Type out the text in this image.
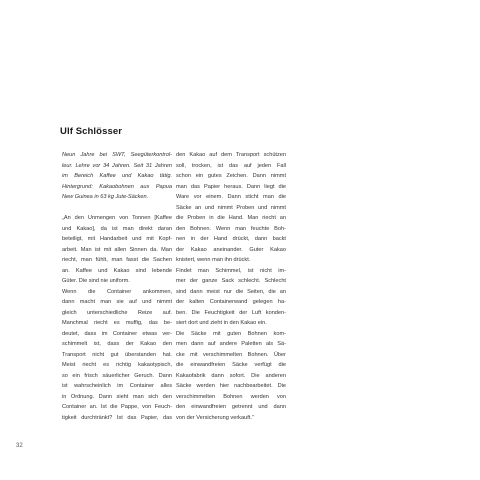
Ulf Schlösser
Neun Jahre bei SWT, Seegüterkontrol-
leur. Lehre vor 34 Jahren. Seit 31 Jahren
im Bereich Kaffee und Kakao tätig.
Hintergrund: Kakaobohnen aus Papua
New Guinea in 63 kg Jute-Säcken.
„An den Unmengen von Tonnen [Kaffee
und Kakao], da ist man direkt daran
beteiligt, mit Handarbeit und mit Kopf-
arbeit. Man ist mit allen Sinnen da. Man
riecht, man fühlt, man fasst die Sachen
an. Kaffee und Kakao sind lebende
Güter. Die sind nie uniform.
Wenn die Container ankommen,
dann macht man sie auf und nimmt
gleich unterschiedliche Reize auf.
Manchmal riecht es muffig, das be-
deutet, dass im Container etwas ver-
schimmelt ist, dass der Kakao den
Transport nicht gut überstanden hat.
Meist riecht es richtig kakaotypisch,
so ein frisch säuerlicher Geruch. Dann
ist wahrscheinlich im Container alles
in Ordnung. Dann sieht man sich den
Container an. Ist die Pappe, von Feuch-
tigkeit durchtränkt? Ist das Papier, das
den Kakao auf dem Transport schützen
soll, trocken, ist das auf jeden Fall
schon ein gutes Zeichen. Dann nimmt
man das Papier heraus. Dann liegt die
Ware vor einem. Dann sticht man die
Säcke an und nimmt Proben und nimmt
die Proben in die Hand. Man riecht an
den Bohnen. Wenn man feuchte Boh-
nen in der Hand drückt, dann backt
der Kakao aneinander. Guter Kakao
knistert, wenn man ihn drückt.
Findet man Schimmel, ist nicht im-
mer der ganze Sack schlecht. Schlecht
sind dann meist nur die Seiten, die an
der kalten Containerwand gelegen ha-
ben. Die Feuchtigkeit der Luft konden-
siert dort und zieht in den Kakao ein.
Die Säcke mit guten Bohnen kom-
men dann auf andere Paletten als Sä-
cke mit verschimmelten Bohnen. Über
die einwandfreien Säcke verfügt die
Kakaofabrik dann sofort. Die anderen
Säcke werden hier nachbearbeitet. Die
verschimmelten Bohnen werden von
den einwandfreien getrennt und dann
von der Versicherung verkauft.“
32
